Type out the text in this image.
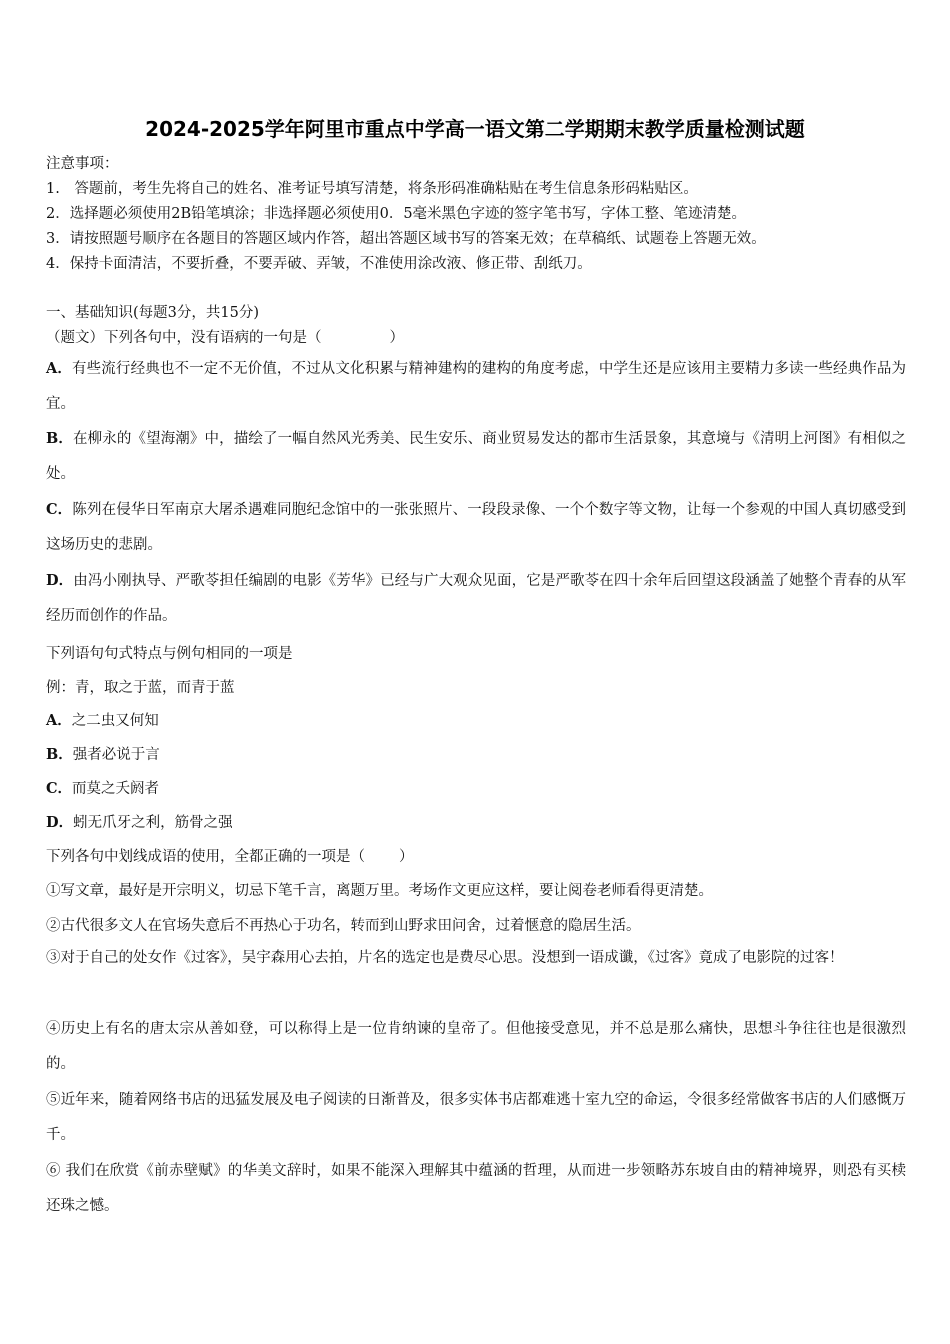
2024-2025学年阿里市重点中学高一语文第二学期期末教学质量检测试题
注意事项：
1.　答题前，考生先将自己的姓名、准考证号填写清楚，将条形码准确粘贴在考生信息条形码粘贴区。
2．选择题必须使用2B铅笔填涂；非选择题必须使用0．5毫米黑色字迹的签字笔书写，字体工整、笔迹清楚。
3．请按照题号顺序在各题目的答题区域内作答，超出答题区域书写的答案无效；在草稿纸、试题卷上答题无效。
4．保持卡面清洁，不要折叠，不要弄破、弄皱，不准使用涂改液、修正带、刮纸刀。
一、基础知识(每题3分，共15分)
（题文）下列各句中，没有语病的一句是（	）
A．有些流行经典也不一定不无价值，不过从文化积累与精神建构的建构的角度考虑，中学生还是应该用主要精力多读一些经典作品为宜。
B．在柳永的《望海潮》中，描绘了一幅自然风光秀美、民生安乐、商业贸易发达的都市生活景象，其意境与《清明上河图》有相似之处。
C．陈列在侵华日军南京大屠杀遇难同胞纪念馆中的一张张照片、一段段录像、一个个数字等文物，让每一个参观的中国人真切感受到这场历史的悲剧。
D．由冯小刚执导、严歌苓担任编剧的电影《芳华》已经与广大观众见面，它是严歌苓在四十余年后回望这段涵盖了她整个青春的从军经历而创作的作品。
下列语句句式特点与例句相同的一项是
例：青，取之于蓝，而青于蓝
A．之二虫又何知
B．强者必说于言
C．而莫之夭阏者
D．蚓无爪牙之利，筋骨之强
下列各句中划线成语的使用，全都正确的一项是（ ）
①写文章，最好是开宗明义，切忌下笔千言，离题万里。考场作文更应这样，要让阅卷老师看得更清楚。
②古代很多文人在官场失意后不再热心于功名，转而到山野求田问舍，过着惬意的隐居生活。
③对于自己的处女作《过客》，吴宇森用心去拍，片名的选定也是费尽心思。没想到一语成谶，《过客》竟成了电影院的过客！
④历史上有名的唐太宗从善如登，可以称得上是一位肯纳谏的皇帝了。但他接受意见，并不总是那么痛快，思想斗争往往也是很激烈的。
⑤近年来，随着网络书店的迅猛发展及电子阅读的日渐普及，很多实体书店都难逃十室九空的命运，令很多经常做客书店的人们感慨万千。
⑥ 我们在欣赏《前赤壁赋》的华美文辞时，如果不能深入理解其中蕴涵的哲理，从而进一步领略苏东坡自由的精神境界，则恐有买椟还珠之憾。
